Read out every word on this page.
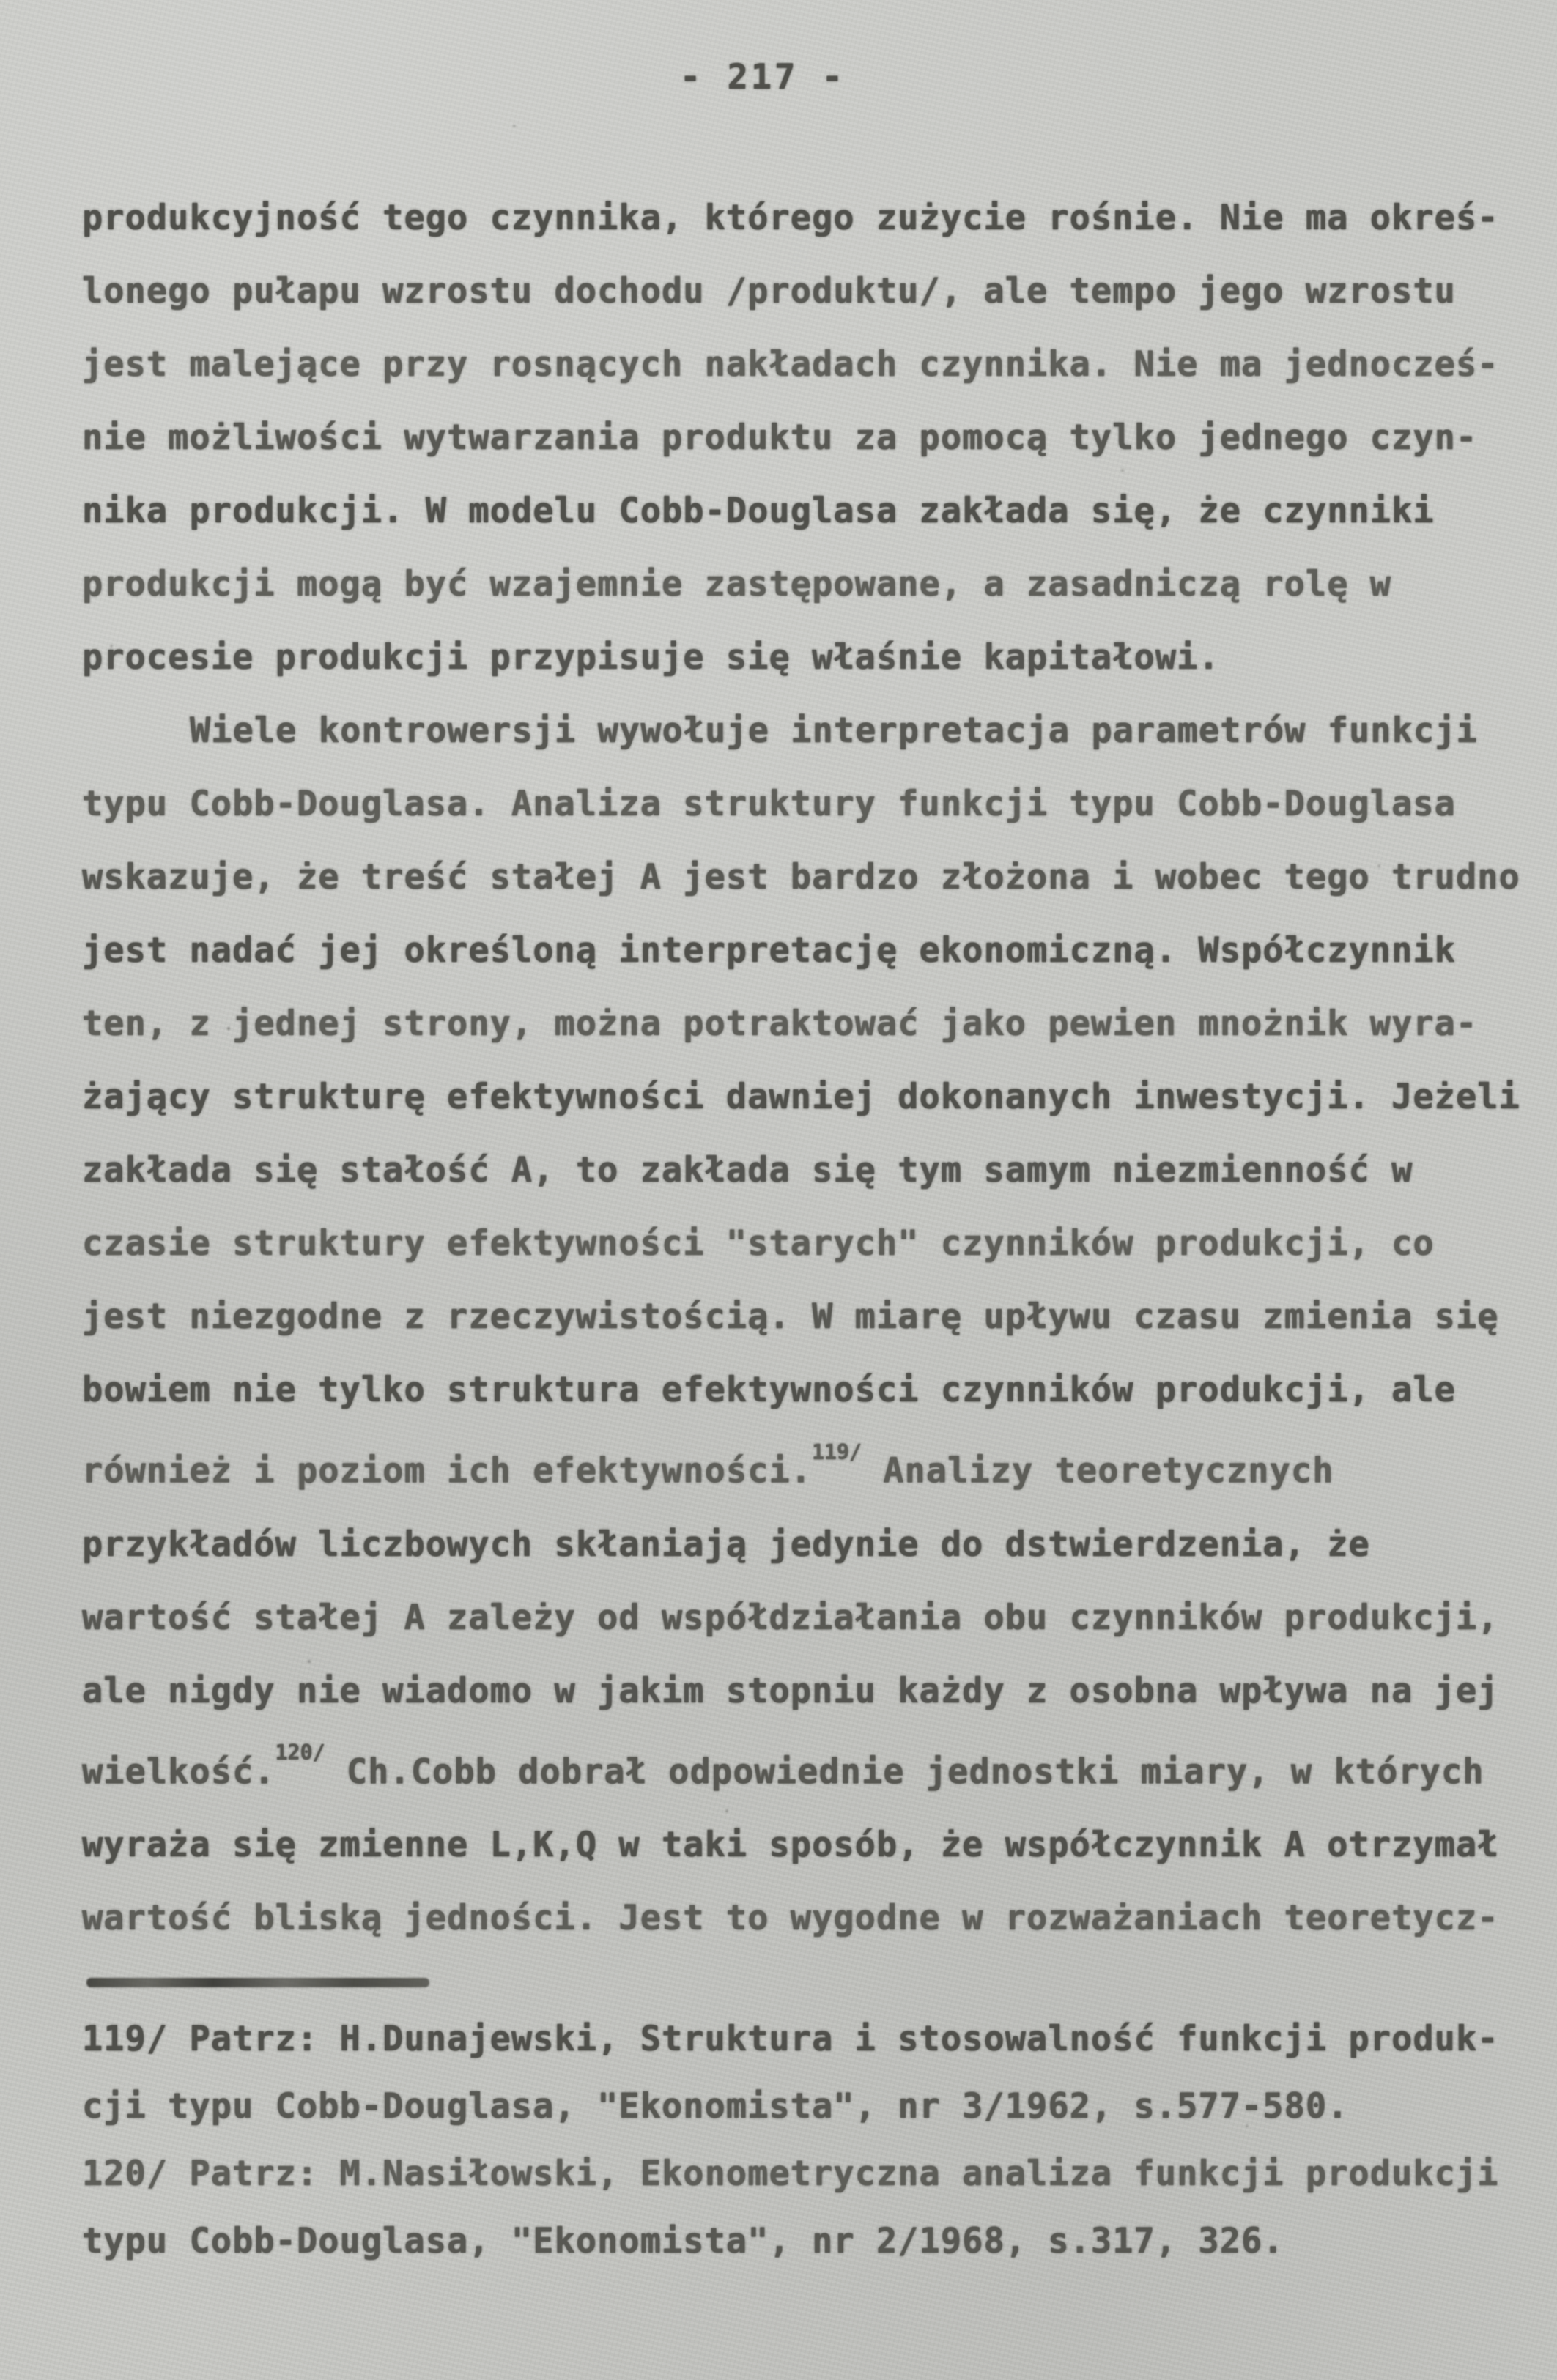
- 217 -
produkcyjność tego czynnika, którego zużycie rośnie. Nie ma okreś-
lonego pułapu wzrostu dochodu /produktu/, ale tempo jego wzrostu
jest malejące przy rosnących nakładach czynnika. Nie ma jednocześ-
nie możliwości wytwarzania produktu za pomocą tylko jednego czyn-
nika produkcji. W modelu Cobb-Douglasa zakłada się, że czynniki
produkcji mogą być wzajemnie zastępowane, a zasadniczą rolę w
procesie produkcji przypisuje się właśnie kapitałowi.
Wiele kontrowersji wywołuje interpretacja parametrów funkcji
typu Cobb-Douglasa. Analiza struktury funkcji typu Cobb-Douglasa
wskazuje, że treść stałej A jest bardzo złożona i wobec tego trudno
jest nadać jej określoną interpretację ekonomiczną. Współczynnik
ten, z jednej strony, można potraktować jako pewien mnożnik wyra-
żający strukturę efektywności dawniej dokonanych inwestycji. Jeżeli
zakłada się stałość A, to zakłada się tym samym niezmienność w
czasie struktury efektywności "starych" czynników produkcji, co
jest niezgodne z rzeczywistością. W miarę upływu czasu zmienia się
bowiem nie tylko struktura efektywności czynników produkcji, ale
również i poziom ich efektywności.$^{119/}$ Analizy teoretycznych
przykładów liczbowych skłaniają jedynie do dstwierdzenia, że
wartość stałej A zależy od współdziałania obu czynników produkcji,
ale nigdy nie wiadomo w jakim stopniu każdy z osobna wpływa na jej
wielkość.$^{120/}$ Ch.Cobb dobrał odpowiednie jednostki miary, w których
wyraża się zmienne L,K,Q w taki sposób, że współczynnik A otrzymał
wartość bliską jedności. Jest to wygodne w rozważaniach teoretycz-
119/ Patrz: H.Dunajewski, Struktura i stosowalność funkcji produk-
cji typu Cobb-Douglasa, "Ekonomista", nr 3/1962, s.577-580.
120/ Patrz: M.Nasiłowski, Ekonometryczna analiza funkcji produkcji
typu Cobb-Douglasa, "Ekonomista", nr 2/1968, s.317, 326.
